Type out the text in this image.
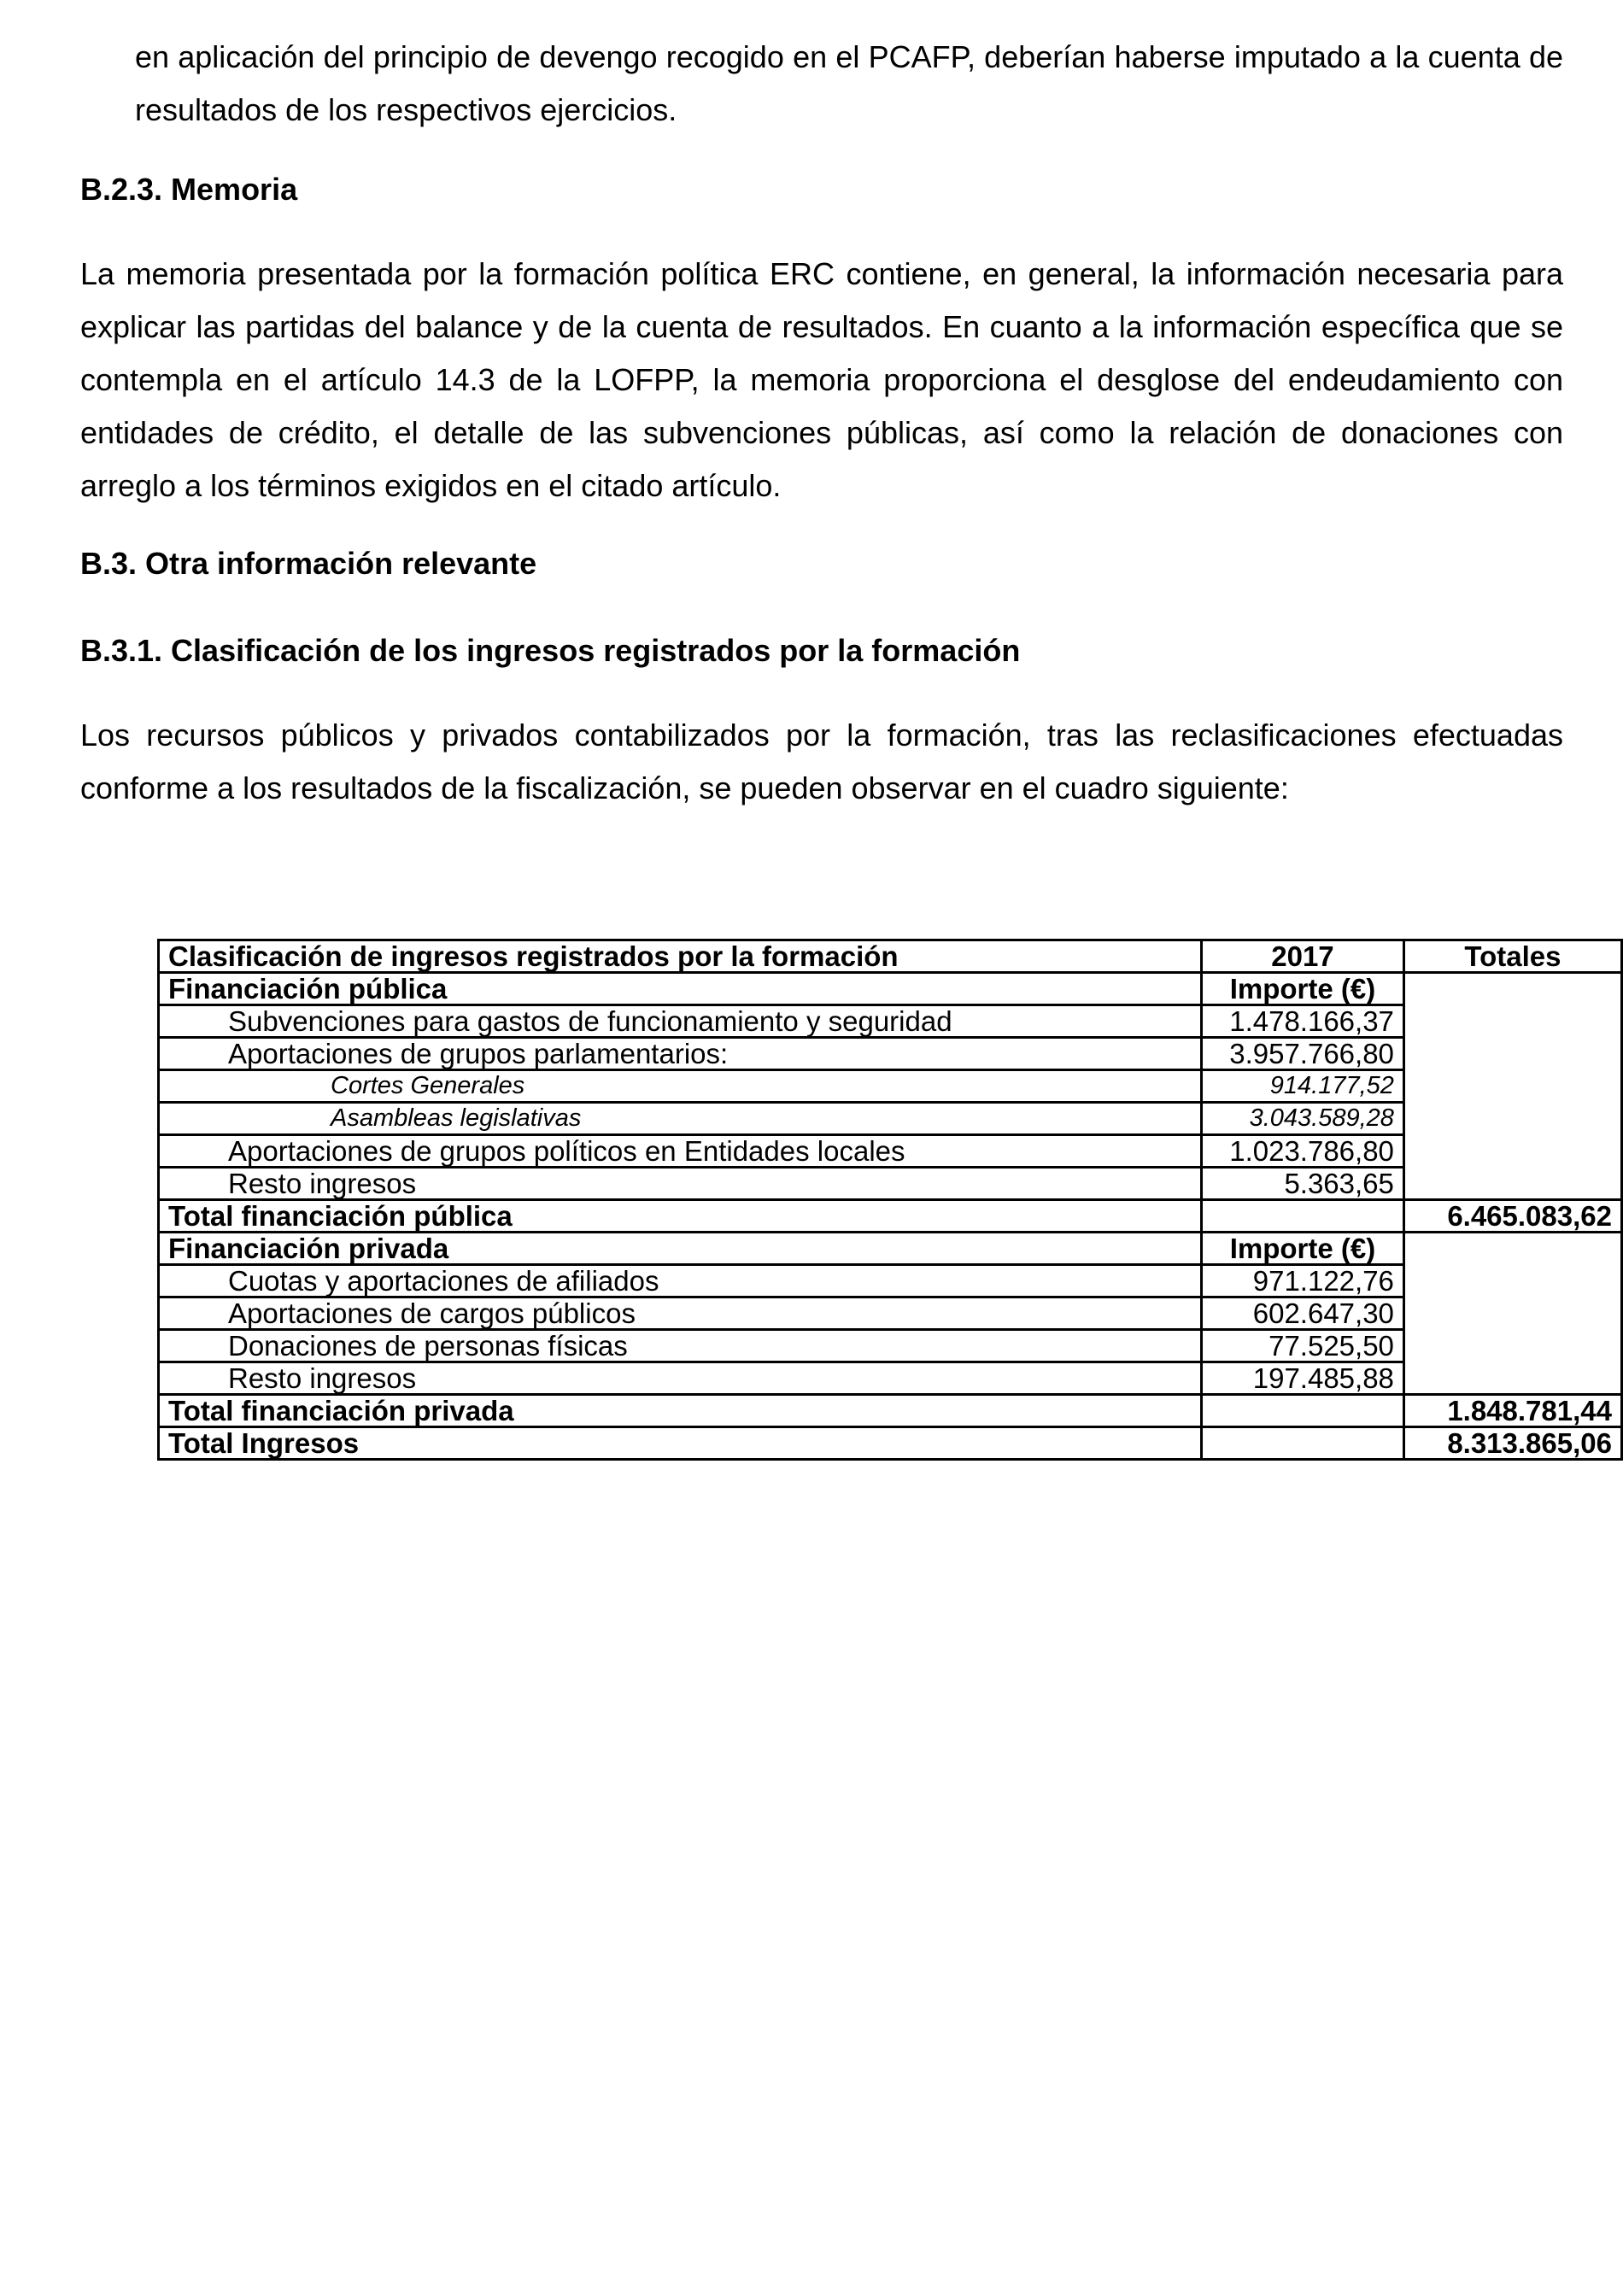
en aplicación del principio de devengo recogido en el PCAFP, deberían haberse imputado a la cuenta de resultados de los respectivos ejercicios.

B.2.3. Memoria

La memoria presentada por la formación política ERC contiene, en general, la información necesaria para explicar las partidas del balance y de la cuenta de resultados. En cuanto a la información específica que se contempla en el artículo 14.3 de la LOFPP, la memoria proporciona el desglose del endeudamiento con entidades de crédito, el detalle de las subvenciones públicas, así como la relación de donaciones con arreglo a los términos exigidos en el citado artículo.

B.3. Otra información relevante

B.3.1. Clasificación de los ingresos registrados por la formación

Los recursos públicos y privados contabilizados por la formación, tras las reclasificaciones efectuadas conforme a los resultados de la fiscalización, se pueden observar en el cuadro siguiente:

Clasificación de ingresos registrados por la formación	2017	Totales
Financiación pública	Importe (€)	
Subvenciones para gastos de funcionamiento y seguridad	1.478.166,37	
Aportaciones de grupos parlamentarios:	3.957.766,80	
Cortes Generales	914.177,52	
Asambleas legislativas	3.043.589,28	
Aportaciones de grupos políticos en Entidades locales	1.023.786,80	
Resto ingresos	5.363,65	
Total financiación pública		6.465.083,62
Financiación privada	Importe (€)	
Cuotas y aportaciones de afiliados	971.122,76	
Aportaciones de cargos públicos	602.647,30	
Donaciones de personas físicas	77.525,50	
Resto ingresos	197.485,88	
Total financiación privada		1.848.781,44
Total Ingresos		8.313.865,06
